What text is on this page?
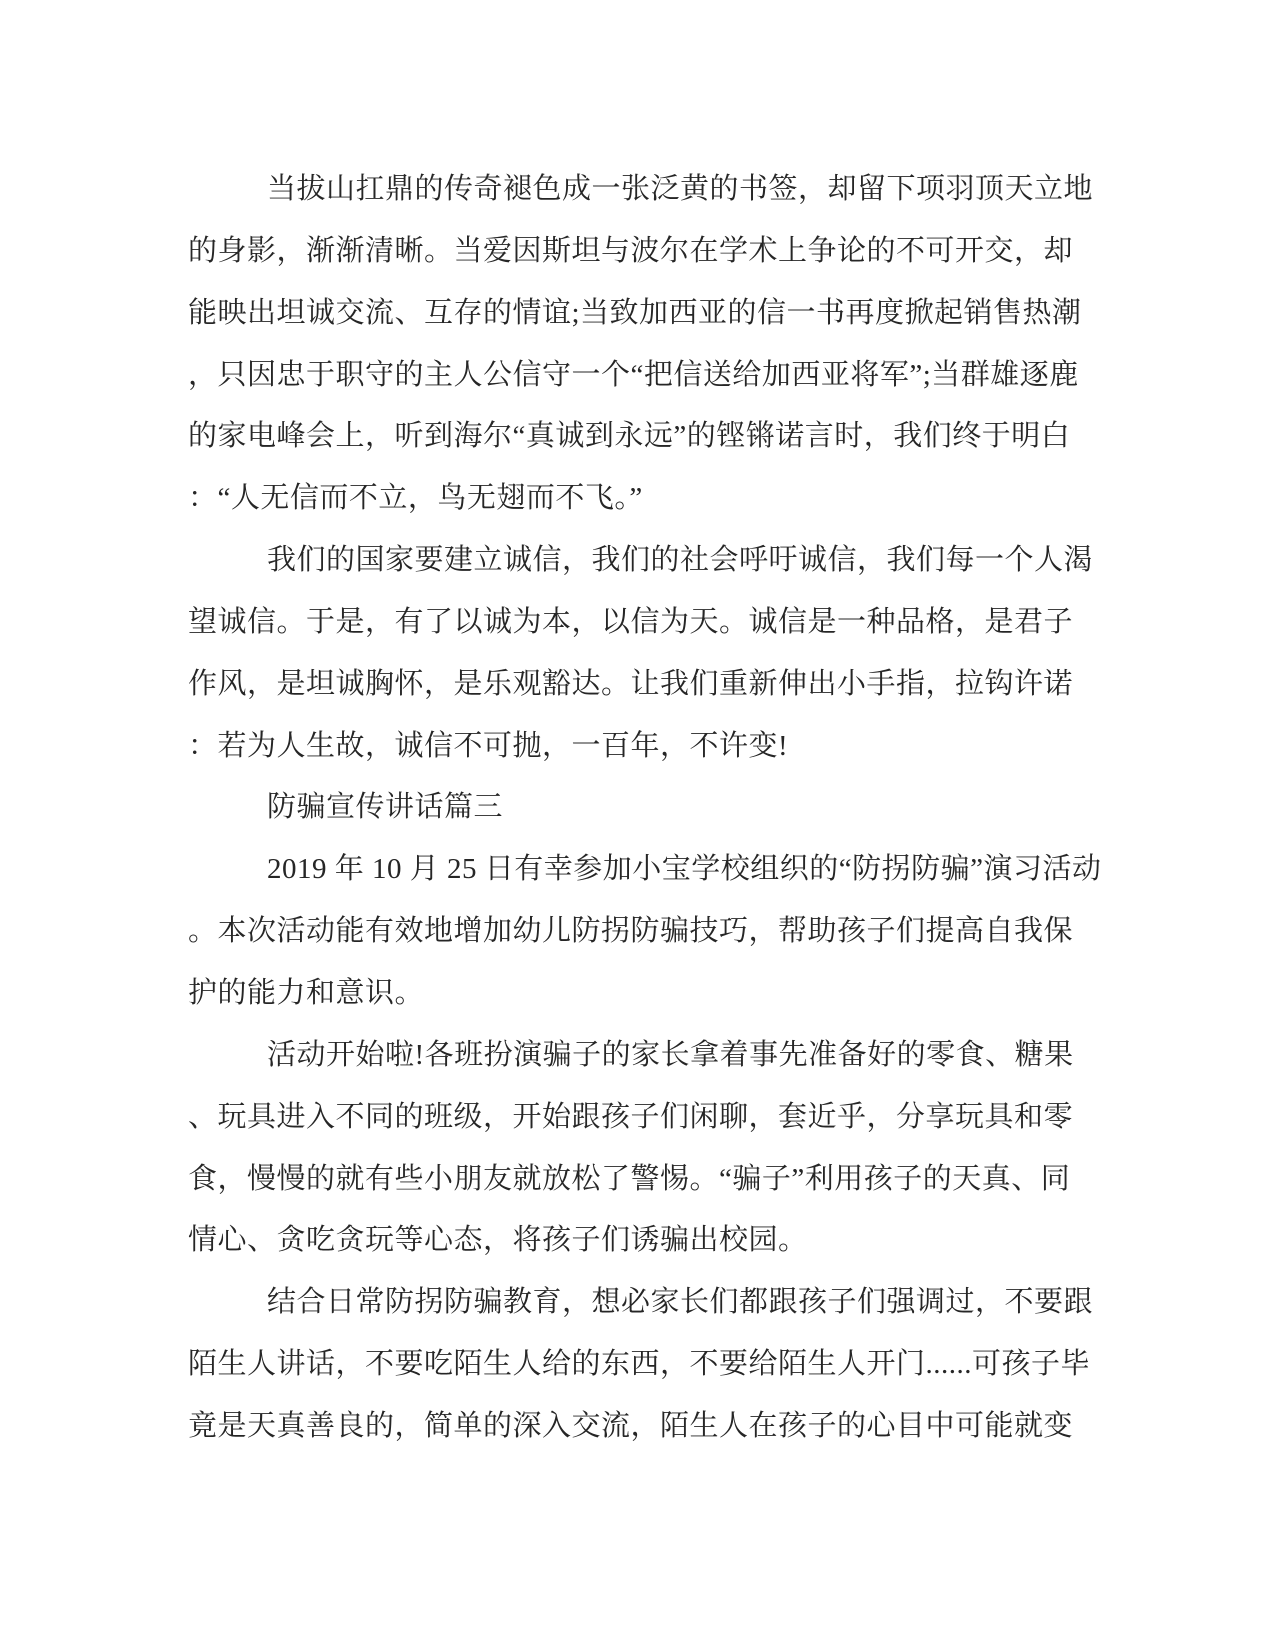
当拔山扛鼎的传奇褪色成一张泛黄的书签，却留下项羽顶天立地
的身影，渐渐清晰。当爱因斯坦与波尔在学术上争论的不可开交，却
能映出坦诚交流、互存的情谊;当致加西亚的信一书再度掀起销售热潮
，只因忠于职守的主人公信守一个“把信送给加西亚将军”;当群雄逐鹿
的家电峰会上，听到海尔“真诚到永远”的铿锵诺言时，我们终于明白
：“人无信而不立，鸟无翅而不飞。”
我们的国家要建立诚信，我们的社会呼吁诚信，我们每一个人渴
望诚信。于是，有了以诚为本，以信为天。诚信是一种品格，是君子
作风，是坦诚胸怀，是乐观豁达。让我们重新伸出小手指，拉钩许诺
：若为人生故，诚信不可抛，一百年，不许变!
防骗宣传讲话篇三
2019 年 10 月 25 日有幸参加小宝学校组织的“防拐防骗”演习活动
。本次活动能有效地增加幼儿防拐防骗技巧，帮助孩子们提高自我保
护的能力和意识。
活动开始啦!各班扮演骗子的家长拿着事先准备好的零食、糖果
、玩具进入不同的班级，开始跟孩子们闲聊，套近乎，分享玩具和零
食，慢慢的就有些小朋友就放松了警惕。“骗子”利用孩子的天真、同
情心、贪吃贪玩等心态，将孩子们诱骗出校园。
结合日常防拐防骗教育，想必家长们都跟孩子们强调过，不要跟
陌生人讲话，不要吃陌生人给的东西，不要给陌生人开门......可孩子毕
竟是天真善良的，简单的深入交流，陌生人在孩子的心目中可能就变
